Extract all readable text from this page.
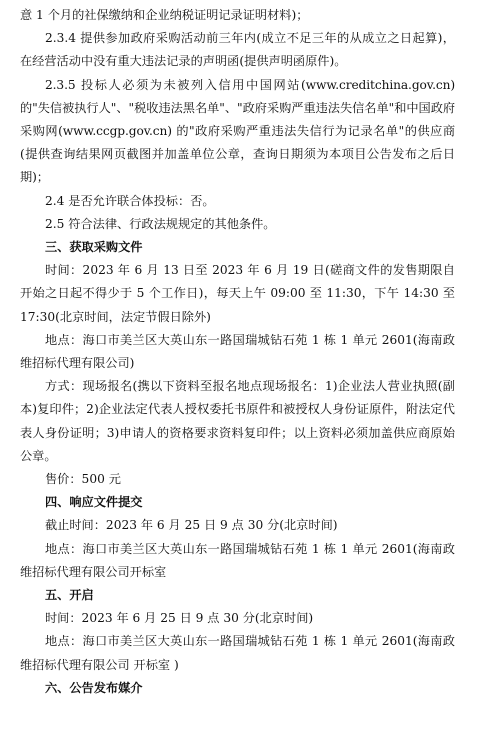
意 1 个月的社保缴纳和企业纳税证明记录证明材料)；
2.3.4 提供参加政府采购活动前三年内(成立不足三年的从成立之日起算)，在经营活动中没有重大违法记录的声明函(提供声明函原件)。
2.3.5 投标人必须为未被列入信用中国网站(www.creditchina.gov.cn)的"失信被执行人"、"税收违法黑名单"、"政府采购严重违法失信名单"和中国政府采购网(www.ccgp.gov.cn) 的"政府采购严重违法失信行为记录名单"的供应商(提供查询结果网页截图并加盖单位公章，查询日期须为本项目公告发布之后日期)；
2.4 是否允许联合体投标：否。
2.5 符合法律、行政法规规定的其他条件。
三、获取采购文件
时间：2023 年 6 月 13 日至 2023 年 6 月 19 日(磋商文件的发售期限自开始之日起不得少于 5 个工作日)，每天上午 09:00 至 11:30，下午 14:30 至 17:30(北京时间，法定节假日除外)
地点：海口市美兰区大英山东一路国瑞城钻石苑 1 栋 1 单元 2601(海南政维招标代理有限公司)
方式：现场报名(携以下资料至报名地点现场报名：1)企业法人营业执照(副本)复印件；2)企业法定代表人授权委托书原件和被授权人身份证原件，附法定代表人身份证明；3)申请人的资格要求资料复印件；以上资料必须加盖供应商原始公章。
售价：500 元
四、响应文件提交
截止时间：2023 年 6 月 25 日 9 点 30 分(北京时间)
地点：海口市美兰区大英山东一路国瑞城钻石苑 1 栋 1 单元 2601(海南政维招标代理有限公司开标室
五、开启
时间：2023 年 6 月 25 日 9 点 30 分(北京时间)
地点：海口市美兰区大英山东一路国瑞城钻石苑 1 栋 1 单元 2601(海南政维招标代理有限公司 开标室 )
六、公告发布媒介
